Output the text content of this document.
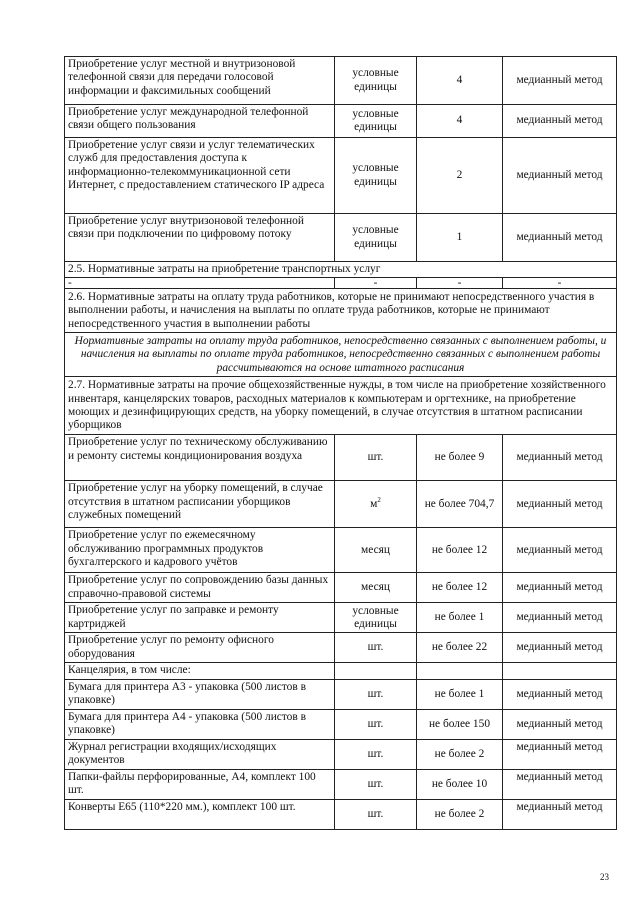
Приобретение услуг местной и внутризоновой телефонной связи для передачи голосовой информации и факсимильных сообщений	условные единицы	4	медианный метод
Приобретение услуг международной телефонной связи общего пользования	условные единицы	4	медианный метод
Приобретение услуг связи и услуг телематических служб для предоставления доступа к информационно-телекоммуникационной сети Интернет, с предоставлением статического IP адреса	условные единицы	2	медианный метод
Приобретение услуг внутризоновой телефонной связи при подключении по цифровому потоку	условные единицы	1	медианный метод
2.5. Нормативные затраты на приобретение транспортных услуг			
-	-	-	-
2.6. Нормативные затраты на оплату труда работников, которые не принимают непосредственного участия в выполнении работы, и начисления на выплаты по оплате труда работников, которые не принимают непосредственного участия в выполнении работы			
Нормативные затраты на оплату труда работников, непосредственно связанных с выполнением работы, и начисления на выплаты по оплате труда работников, непосредственно связанных с выполнением работы рассчитываются на основе штатного расписания			
2.7. Нормативные затраты на прочие общехозяйственные нужды, в том числе на приобретение хозяйственного инвентаря, канцелярских товаров, расходных материалов к компьютерам и оргтехнике, на приобретение моющих и дезинфицирующих средств, на уборку помещений, в случае отсутствия в штатном расписании уборщиков			
Приобретение услуг по техническому обслуживанию и ремонту системы кондиционирования воздуха	шт.	не более 9	медианный метод
Приобретение услуг на уборку помещений, в случае отсутствия в штатном расписании уборщиков служебных помещений	$м^2$	не более 704,7	медианный метод
Приобретение услуг по ежемесячному обслуживанию программных продуктов бухгалтерского и кадрового учётов	месяц	не более 12	медианный метод
Приобретение услуг по сопровождению базы данных справочно-правовой системы	месяц	не более 12	медианный метод
Приобретение услуг по заправке и ремонту картриджей	условные единицы	не более 1	медианный метод
Приобретение услуг по ремонту офисного оборудования	шт.	не более 22	медианный метод
Канцелярия, в том числе:			
Бумага для принтера А3 - упаковка (500 листов в упаковке)	шт.	не более 1	медианный метод
Бумага для принтера А4 - упаковка (500 листов в упаковке)	шт.	не более 150	медианный метод
Журнал регистрации входящих/исходящих документов	шт.	не более 2	медианный метод
Папки-файлы перфорированные, А4, комплект 100 шт.	шт.	не более 10	медианный метод
Конверты Е65 (110*220 мм.), комплект 100 шт.	шт.	не более 2	медианный метод
23
